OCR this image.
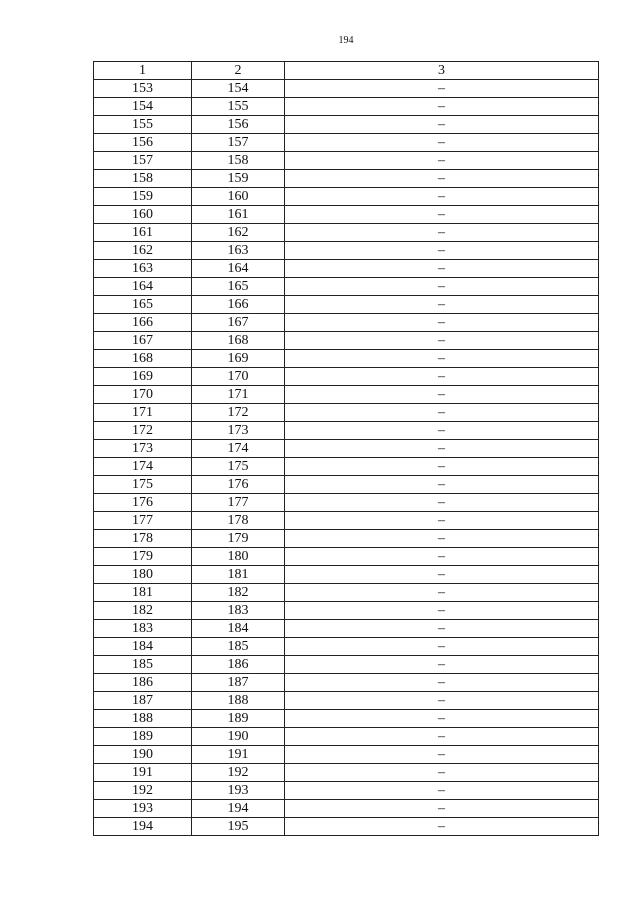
194
1	2	3
153	154	–
154	155	–
155	156	–
156	157	–
157	158	–
158	159	–
159	160	–
160	161	–
161	162	–
162	163	–
163	164	–
164	165	–
165	166	–
166	167	–
167	168	–
168	169	–
169	170	–
170	171	–
171	172	–
172	173	–
173	174	–
174	175	–
175	176	–
176	177	–
177	178	–
178	179	–
179	180	–
180	181	–
181	182	–
182	183	–
183	184	–
184	185	–
185	186	–
186	187	–
187	188	–
188	189	–
189	190	–
190	191	–
191	192	–
192	193	–
193	194	–
194	195	–
